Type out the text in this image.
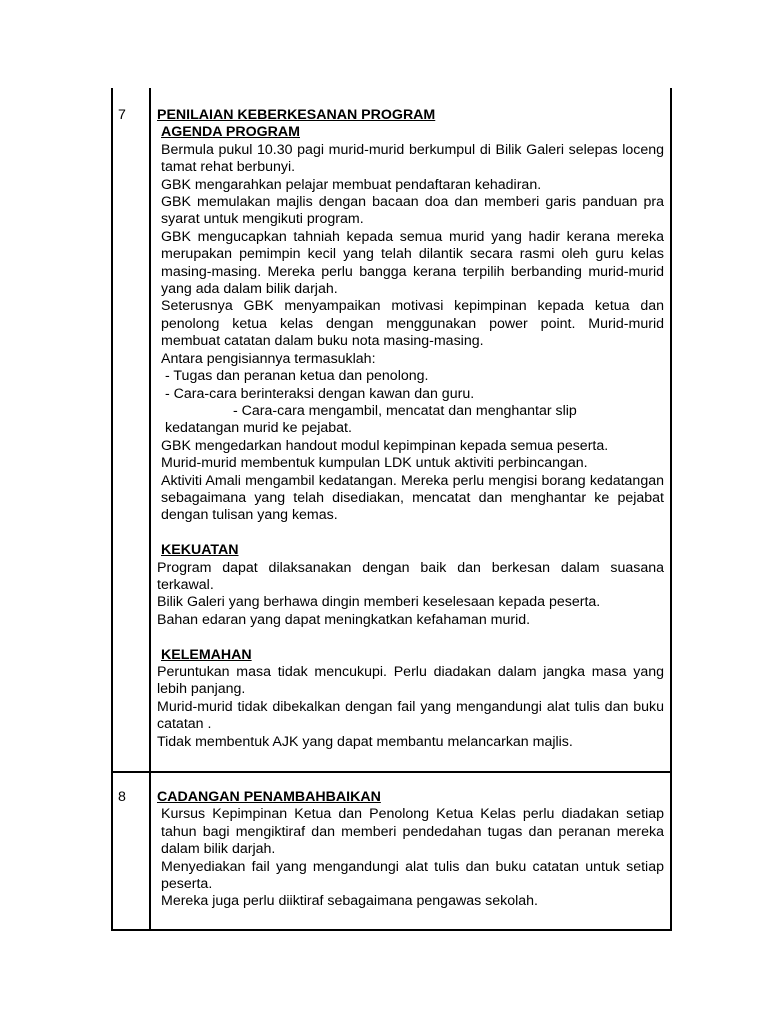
7 PENILAIAN KEBERKESANAN PROGRAM

AGENDA PROGRAM

Bermula pukul 10.30 pagi murid-murid berkumpul di Bilik Galeri selepas loceng tamat rehat berbunyi.

GBK mengarahkan pelajar membuat pendaftaran kehadiran.

GBK memulakan majlis dengan bacaan doa dan memberi garis panduan pra syarat untuk mengikuti program.

GBK mengucapkan tahniah kepada semua murid yang hadir kerana mereka merupakan pemimpin kecil yang telah dilantik secara rasmi oleh guru kelas masing-masing. Mereka perlu bangga kerana terpilih berbanding murid-murid yang ada dalam bilik darjah.

Seterusnya GBK menyampaikan motivasi kepimpinan kepada ketua dan penolong ketua kelas dengan menggunakan power point. Murid-murid membuat catatan dalam buku nota masing-masing.

Antara pengisiannya termasuklah:

- Tugas dan peranan ketua dan penolong.

- Cara-cara berinteraksi dengan kawan dan guru.

- Cara-cara mengambil, mencatat dan menghantar slip

kedatangan murid ke pejabat.

GBK mengedarkan handout modul kepimpinan kepada semua peserta.

Murid-murid membentuk kumpulan LDK untuk aktiviti perbincangan.

Aktiviti Amali mengambil kedatangan. Mereka perlu mengisi borang kedatangan sebagaimana yang telah disediakan, mencatat dan menghantar ke pejabat dengan tulisan yang kemas.

KEKUATAN

Program dapat dilaksanakan dengan baik dan berkesan dalam suasana terkawal.

Bilik Galeri yang berhawa dingin memberi keselesaan kepada peserta.

Bahan edaran yang dapat meningkatkan kefahaman murid.

KELEMAHAN

Peruntukan masa tidak mencukupi. Perlu diadakan dalam jangka masa yang lebih panjang.

Murid-murid tidak dibekalkan dengan fail yang mengandungi alat tulis dan buku catatan .

Tidak membentuk AJK yang dapat membantu melancarkan majlis.

8 CADANGAN PENAMBAHBAIKAN

Kursus Kepimpinan Ketua dan Penolong Ketua Kelas perlu diadakan setiap tahun bagi mengiktiraf dan memberi pendedahan tugas dan peranan mereka dalam bilik darjah.

Menyediakan fail yang mengandungi alat tulis dan buku catatan untuk setiap peserta.

Mereka juga perlu diiktiraf sebagaimana pengawas sekolah.
